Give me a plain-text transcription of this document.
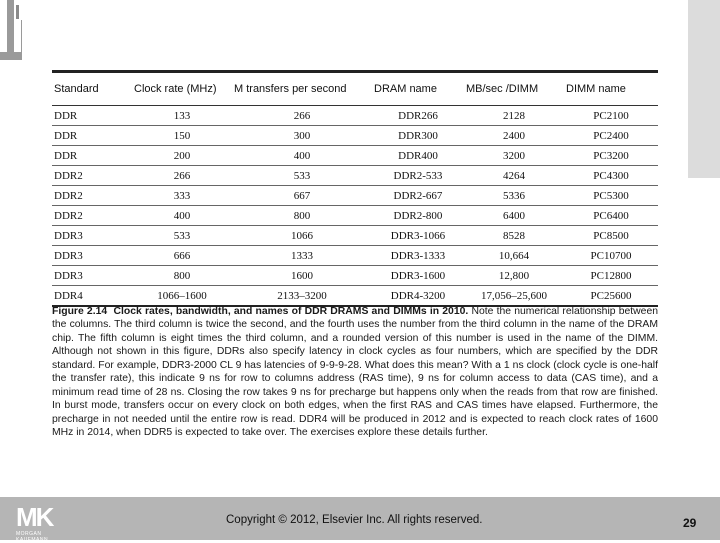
Standard	Clock rate (MHz)	M transfers per second	DRAM name	MB/sec /DIMM	DIMM name
DDR	133	266	DDR266	2128	PC2100
DDR	150	300	DDR300	2400	PC2400
DDR	200	400	DDR400	3200	PC3200
DDR2	266	533	DDR2-533	4264	PC4300
DDR2	333	667	DDR2-667	5336	PC5300
DDR2	400	800	DDR2-800	6400	PC6400
DDR3	533	1066	DDR3-1066	8528	PC8500
DDR3	666	1333	DDR3-1333	10,664	PC10700
DDR3	800	1600	DDR3-1600	12,800	PC12800
DDR4	1066–1600	2133–3200	DDR4-3200	17,056–25,600	PC25600
Figure 2.14 Clock rates, bandwidth, and names of DDR DRAMS and DIMMs in 2010. Note the numerical relationship between the columns. The third column is twice the second, and the fourth uses the number from the third column in the name of the DRAM chip. The fifth column is eight times the third column, and a rounded version of this number is used in the name of the DIMM. Although not shown in this figure, DDRs also specify latency in clock cycles as four numbers, which are specified by the DDR standard. For example, DDR3-2000 CL 9 has latencies of 9-9-9-28. What does this mean? With a 1 ns clock (clock cycle is one-half the transfer rate), this indicate 9 ns for row to columns address (RAS time), 9 ns for column access to data (CAS time), and a minimum read time of 28 ns. Closing the row takes 9 ns for precharge but happens only when the reads from that row are finished. In burst mode, transfers occur on every clock on both edges, when the first RAS and CAS times have elapsed. Furthermore, the precharge in not needed until the entire row is read. DDR4 will be produced in 2012 and is expected to reach clock rates of 1600 MHz in 2014, when DDR5 is expected to take over. The exercises explore these details further.
MK
MORGAN KAUFMANN
Copyright © 2012, Elsevier Inc. All rights reserved.	29
